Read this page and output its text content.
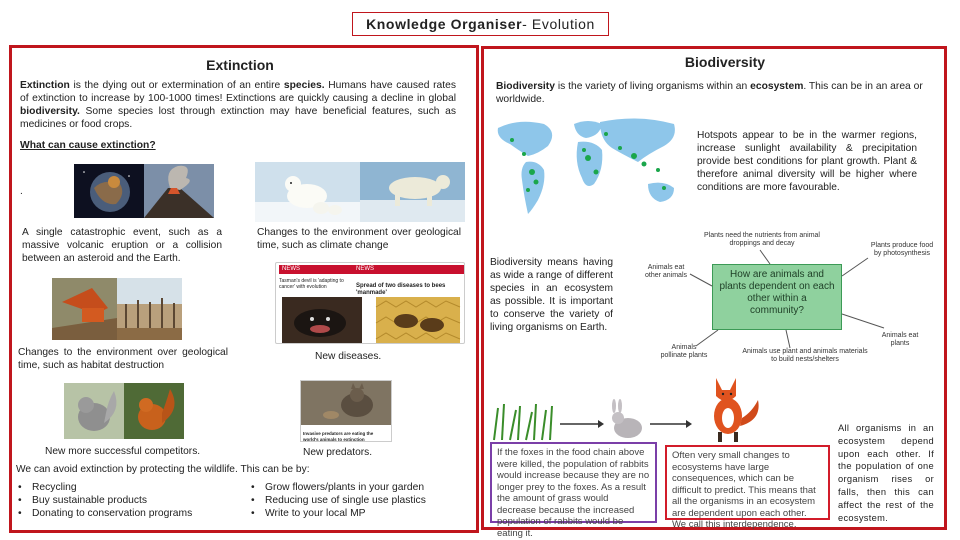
Knowledge Organiser - Evolution
Extinction

Extinction is the dying out or extermination of an entire species. Humans have caused rates of extinction to increase by 100-1000 times! Extinctions are quickly causing a decline in global biodiversity. Some species lost through extinction may have beneficial features, such as medicines or food crops.

What can cause extinction?
.
A single catastrophic event, such as a massive volcanic eruption or a collision between an asteroid and the Earth.
Changes to the environment over geological time, such as climate change
NEWS	NEWS
Tasman's devil is 'adapting to cancer' with evolution	Spread of two diseases to bees 'manmade'
Changes to the environment over geological time, such as habitat destruction
New diseases.
Invasive predators are eating the world's animals to extinction
New more successful competitors.	New predators.
We can avoid extinction by protecting the wildlife. This can be by:
• Recycling
• Buy sustainable products
• Donating to conservation programs
• Grow flowers/plants in your garden
• Reducing use of single use plastics
• Write to your local MP
Biodiversity

Biodiversity is the variety of living organisms within an ecosystem. This can be in an area or worldwide.

Hotspots appear to be in the warmer regions, increase sunlight availability & precipitation provide best conditions for plant growth. Plant & therefore animal diversity will be higher where conditions are more favourable.
Biodiversity means having as wide a range of different species in an ecosystem as possible. It is important to conserve the variety of living organisms on Earth.
Plants need the nutrients from animal droppings and decay	Plants produce food by photosynthesis
Animals eat other animals
Animals eat plants
Animals pollinate plants
Animals use plant and animals materials to build nests/shelters
How are animals and plants dependent on each other within a community?
If the foxes in the food chain above were killed, the population of rabbits would increase because they are no longer prey to the foxes. As a result the amount of grass would decrease because the increased population of rabbits would be eating it.
Often very small changes to ecosystems have large consequences, which can be difficult to predict. This means that all the organisms in an ecosystem are dependent upon each other. We call this interdependence.
All organisms in an ecosystem depend upon each other. If the population of one organism rises or falls, then this can affect the rest of the ecosystem.
